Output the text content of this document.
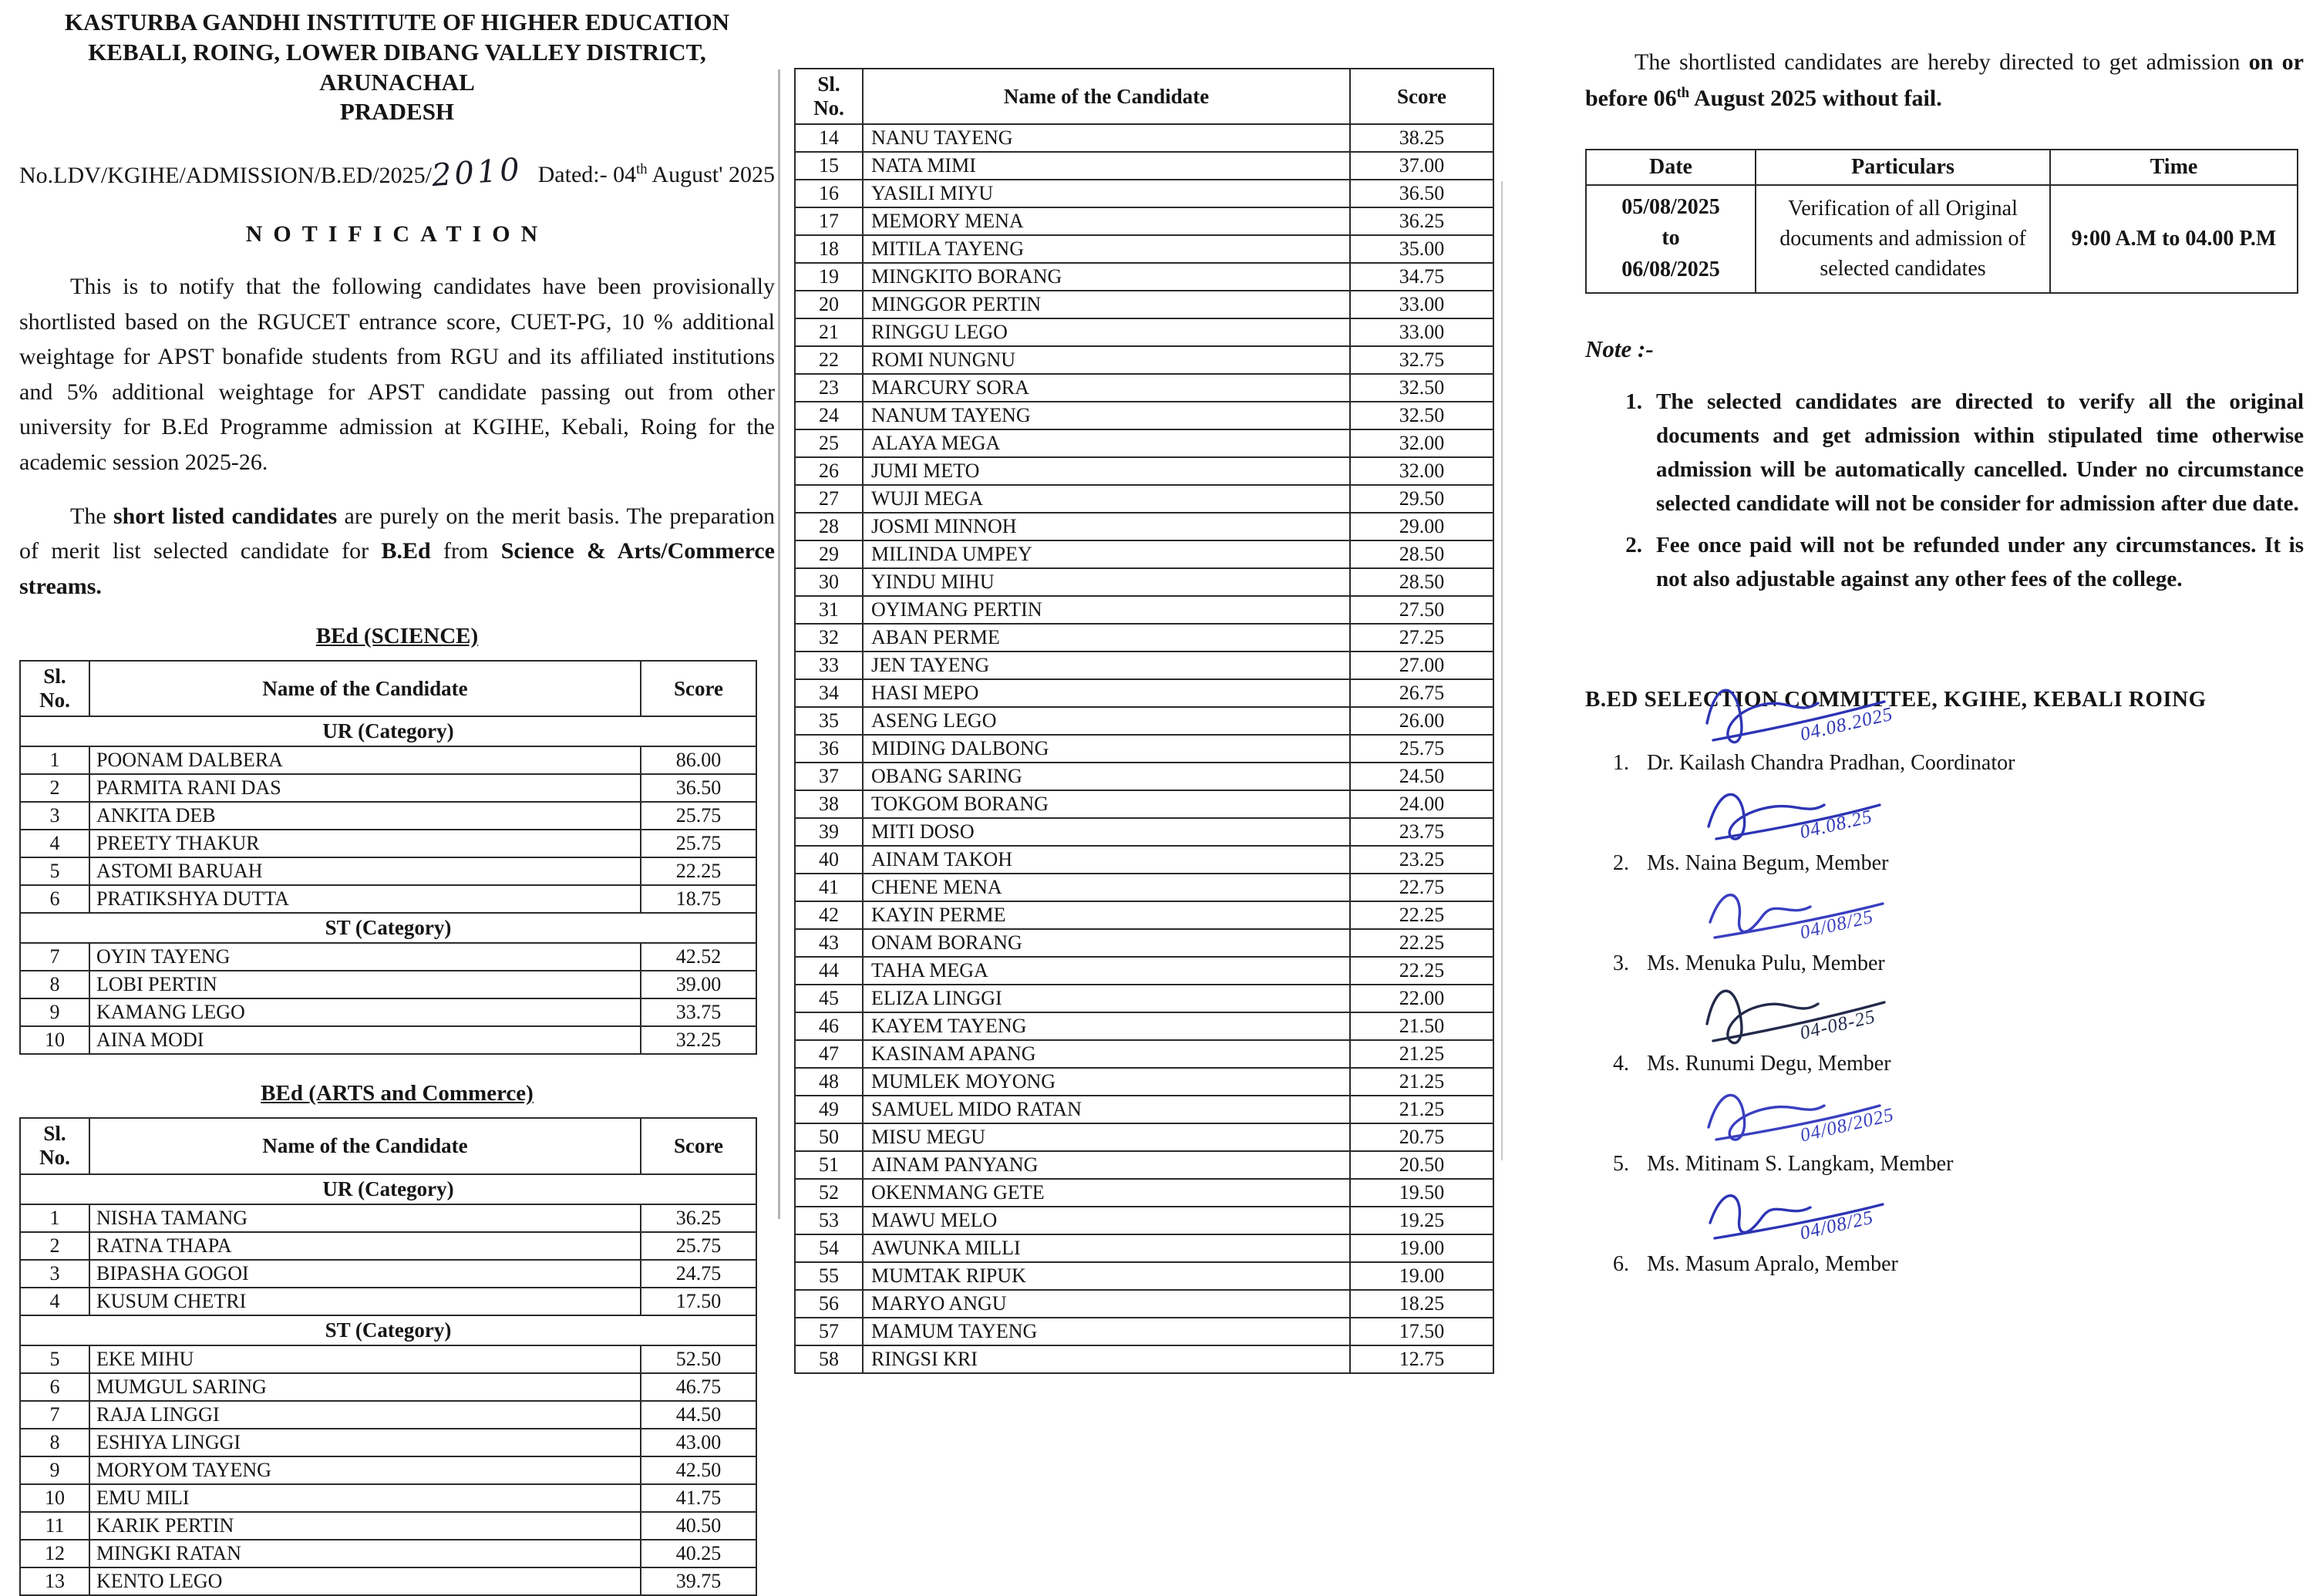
KASTURBA GANDHI INSTITUTE OF HIGHER EDUCATION
KEBALI, ROING, LOWER DIBANG VALLEY DISTRICT, ARUNACHAL
PRADESH
No.LDV/KGIHE/ADMISSION/B.ED/2025/2010 Dated:- 04th August' 2025
NOTIFICATION
This is to notify that the following candidates have been provisionally shortlisted based on the RGUCET entrance score, CUET-PG, 10 % additional weightage for APST bonafide students from RGU and its affiliated institutions and 5% additional weightage for APST candidate passing out from other university for B.Ed Programme admission at KGIHE, Kebali, Roing for the academic session 2025-26.
The short listed candidates are purely on the merit basis. The preparation of merit list selected candidate for B.Ed from Science & Arts/Commerce streams.
BEd (SCIENCE)
Sl.
No.	Name of the Candidate	Score
UR (Category)		
1	POONAM DALBERA	86.00
2	PARMITA RANI DAS	36.50
3	ANKITA DEB	25.75
4	PREETY THAKUR	25.75
5	ASTOMI BARUAH	22.25
6	PRATIKSHYA DUTTA	18.75
ST (Category)		
7	OYIN TAYENG	42.52
8	LOBI PERTIN	39.00
9	KAMANG LEGO	33.75
10	AINA MODI	32.25
BEd (ARTS and Commerce)
Sl.
No.	Name of the Candidate	Score
UR (Category)		
1	NISHA TAMANG	36.25
2	RATNA THAPA	25.75
3	BIPASHA GOGOI	24.75
4	KUSUM CHETRI	17.50
ST (Category)		
5	EKE MIHU	52.50
6	MUMGUL SARING	46.75
7	RAJA LINGGI	44.50
8	ESHIYA LINGGI	43.00
9	MORYOM TAYENG	42.50
10	EMU MILI	41.75
11	KARIK PERTIN	40.50
12	MINGKI RATAN	40.25
13	KENTO LEGO	39.75
Sl.
No.	Name of the Candidate	Score
14	NANU TAYENG	38.25
15	NATA MIMI	37.00
16	YASILI MIYU	36.50
17	MEMORY MENA	36.25
18	MITILA TAYENG	35.00
19	MINGKITO BORANG	34.75
20	MINGGOR PERTIN	33.00
21	RINGGU LEGO	33.00
22	ROMI NUNGNU	32.75
23	MARCURY SORA	32.50
24	NANUM TAYENG	32.50
25	ALAYA MEGA	32.00
26	JUMI METO	32.00
27	WUJI MEGA	29.50
28	JOSMI MINNOH	29.00
29	MILINDA UMPEY	28.50
30	YINDU MIHU	28.50
31	OYIMANG PERTIN	27.50
32	ABAN PERME	27.25
33	JEN TAYENG	27.00
34	HASI MEPO	26.75
35	ASENG LEGO	26.00
36	MIDING DALBONG	25.75
37	OBANG SARING	24.50
38	TOKGOM BORANG	24.00
39	MITI DOSO	23.75
40	AINAM TAKOH	23.25
41	CHENE MENA	22.75
42	KAYIN PERME	22.25
43	ONAM BORANG	22.25
44	TAHA MEGA	22.25
45	ELIZA LINGGI	22.00
46	KAYEM TAYENG	21.50
47	KASINAM APANG	21.25
48	MUMLEK MOYONG	21.25
49	SAMUEL MIDO RATAN	21.25
50	MISU MEGU	20.75
51	AINAM PANYANG	20.50
52	OKENMANG GETE	19.50
53	MAWU MELO	19.25
54	AWUNKA MILLI	19.00
55	MUMTAK RIPUK	19.00
56	MARYO ANGU	18.25
57	MAMUM TAYENG	17.50
58	RINGSI KRI	12.75
The shortlisted candidates are hereby directed to get admission on or before 06th August 2025 without fail.
Date	Particulars	Time

05/08/2025
to
06/08/2025	Verification of all Original documents and admission of selected candidates	9:00 A.M to 04.00 P.M
Note :-
1. The selected candidates are directed to verify all the original documents and get admission within stipulated time otherwise admission will be automatically cancelled. Under no circumstance selected candidate will not be consider for admission after due date.
2. Fee once paid will not be refunded under any circumstances. It is not also adjustable against any other fees of the college.
B.ED SELECTION COMMITTEE, KGIHE, KEBALI ROING
04.08.2025
1. Dr. Kailash Chandra Pradhan, Coordinator
04.08.25
2. Ms. Naina Begum, Member
04/08/25
3. Ms. Menuka Pulu, Member
04-08-25
4. Ms. Runumi Degu, Member
04/08/2025
5. Ms. Mitinam S. Langkam, Member
04/08/25
6. Ms. Masum Apralo, Member
